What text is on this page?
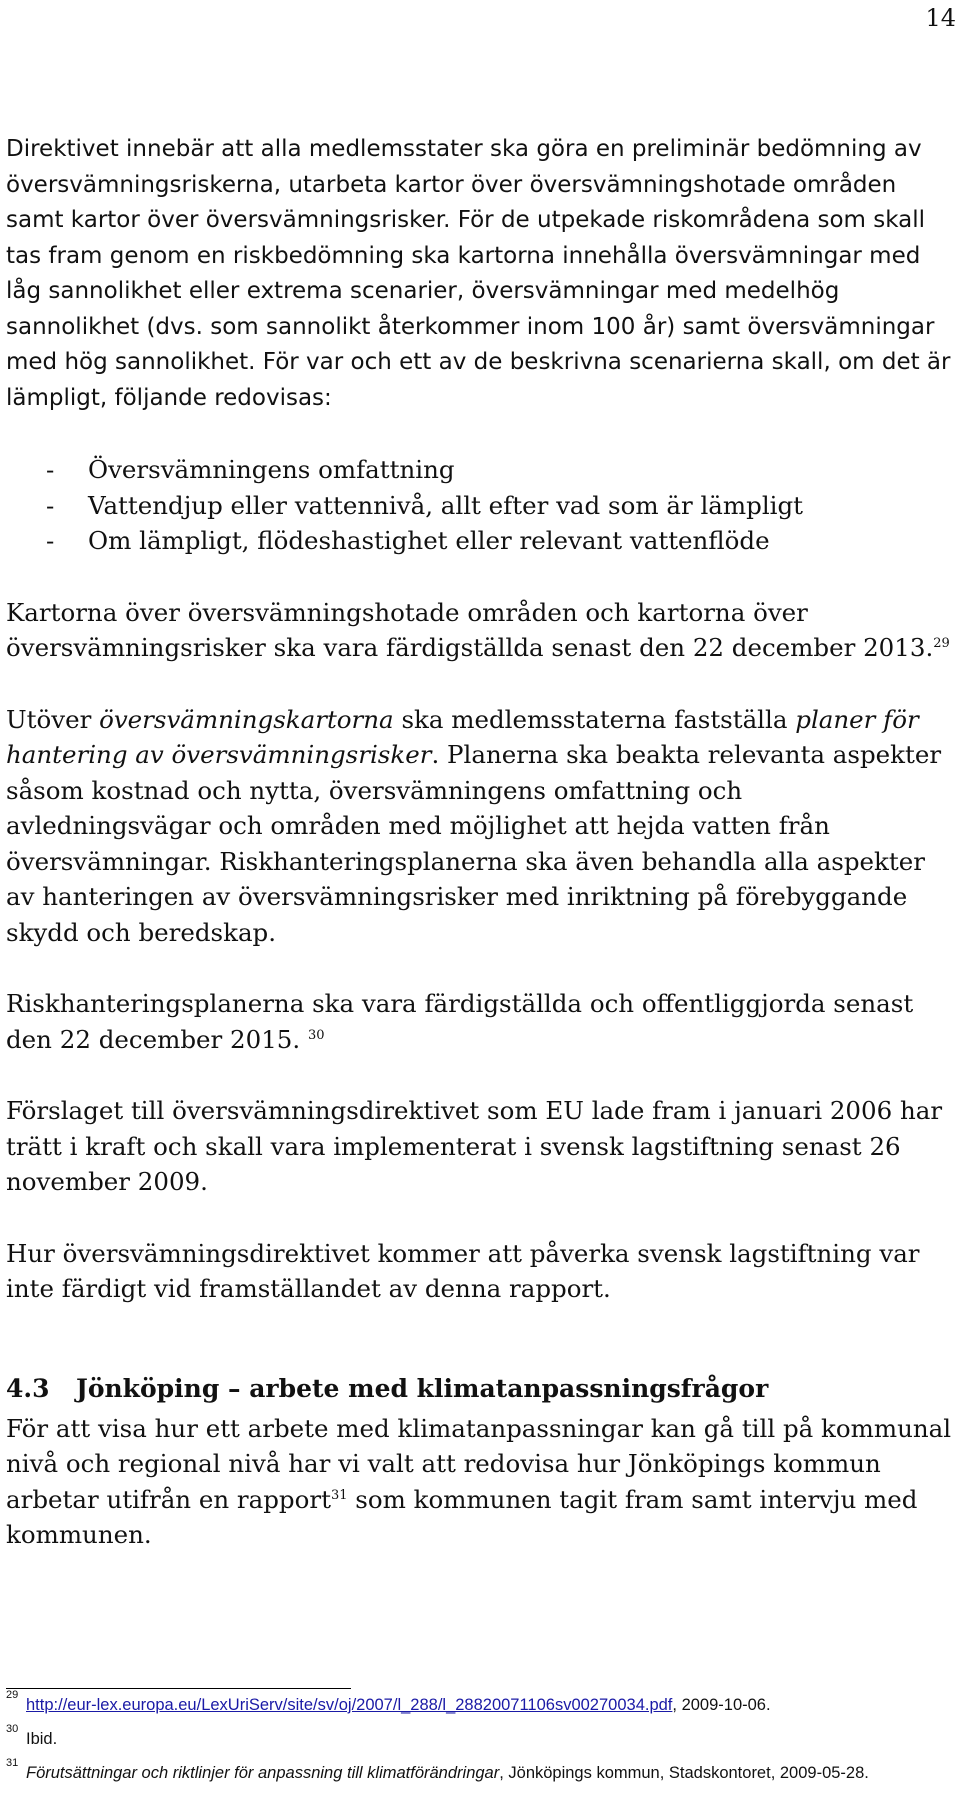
14

Direktivet innebär att alla medlemsstater ska göra en preliminär bedömning av översvämningsriskerna, utarbeta kartor över översvämningshotade områden samt kartor över översvämningsrisker. För de utpekade riskområdena som skall tas fram genom en riskbedömning ska kartorna innehålla översvämningar med låg sannolikhet eller extrema scenarier, översvämningar med medelhög sannolikhet (dvs. som sannolikt återkommer inom 100 år) samt översvämningar med hög sannolikhet. För var och ett av de beskrivna scenarierna skall, om det är lämpligt, följande redovisas:

- Översvämningens omfattning
- Vattendjup eller vattennivå, allt efter vad som är lämpligt
- Om lämpligt, flödeshastighet eller relevant vattenflöde

Kartorna över översvämningshotade områden och kartorna över översvämningsrisker ska vara färdigställda senast den 22 december 2013.29

Utöver översvämningskartorna ska medlemsstaterna fastställa planer för hantering av översvämningsrisker. Planerna ska beakta relevanta aspekter såsom kostnad och nytta, översvämningens omfattning och avledningsvägar och områden med möjlighet att hejda vatten från översvämningar. Riskhanteringsplanerna ska även behandla alla aspekter av hanteringen av översvämningsrisker med inriktning på förebyggande skydd och beredskap.

Riskhanteringsplanerna ska vara färdigställda och offentliggjorda senast den 22 december 2015. $^{30}$

Förslaget till översvämningsdirektivet som EU lade fram i januari 2006 har trätt i kraft och skall vara implementerat i svensk lagstiftning senast 26 november 2009.

Hur översvämningsdirektivet kommer att påverka svensk lagstiftning var inte färdigt vid framställandet av denna rapport.

4.3	Jönköping – arbete med klimatanpassningsfrågor

För att visa hur ett arbete med klimatanpassningar kan gå till på kommunal nivå och regional nivå har vi valt att redovisa hur Jönköpings kommun arbetar utifrån en rapport$^{31}$ som kommunen tagit fram samt intervju med kommunen.

29
http://eur-lex.europa.eu/LexUriServ/site/sv/oj/2007/l_288/l_28820071106sv00270034.pdf, 2009-10-06.
30
Ibid.
31
Förutsättningar och riktlinjer för anpassning till klimatförändringar, Jönköpings kommun, Stadskontoret, 2009-05-28.
